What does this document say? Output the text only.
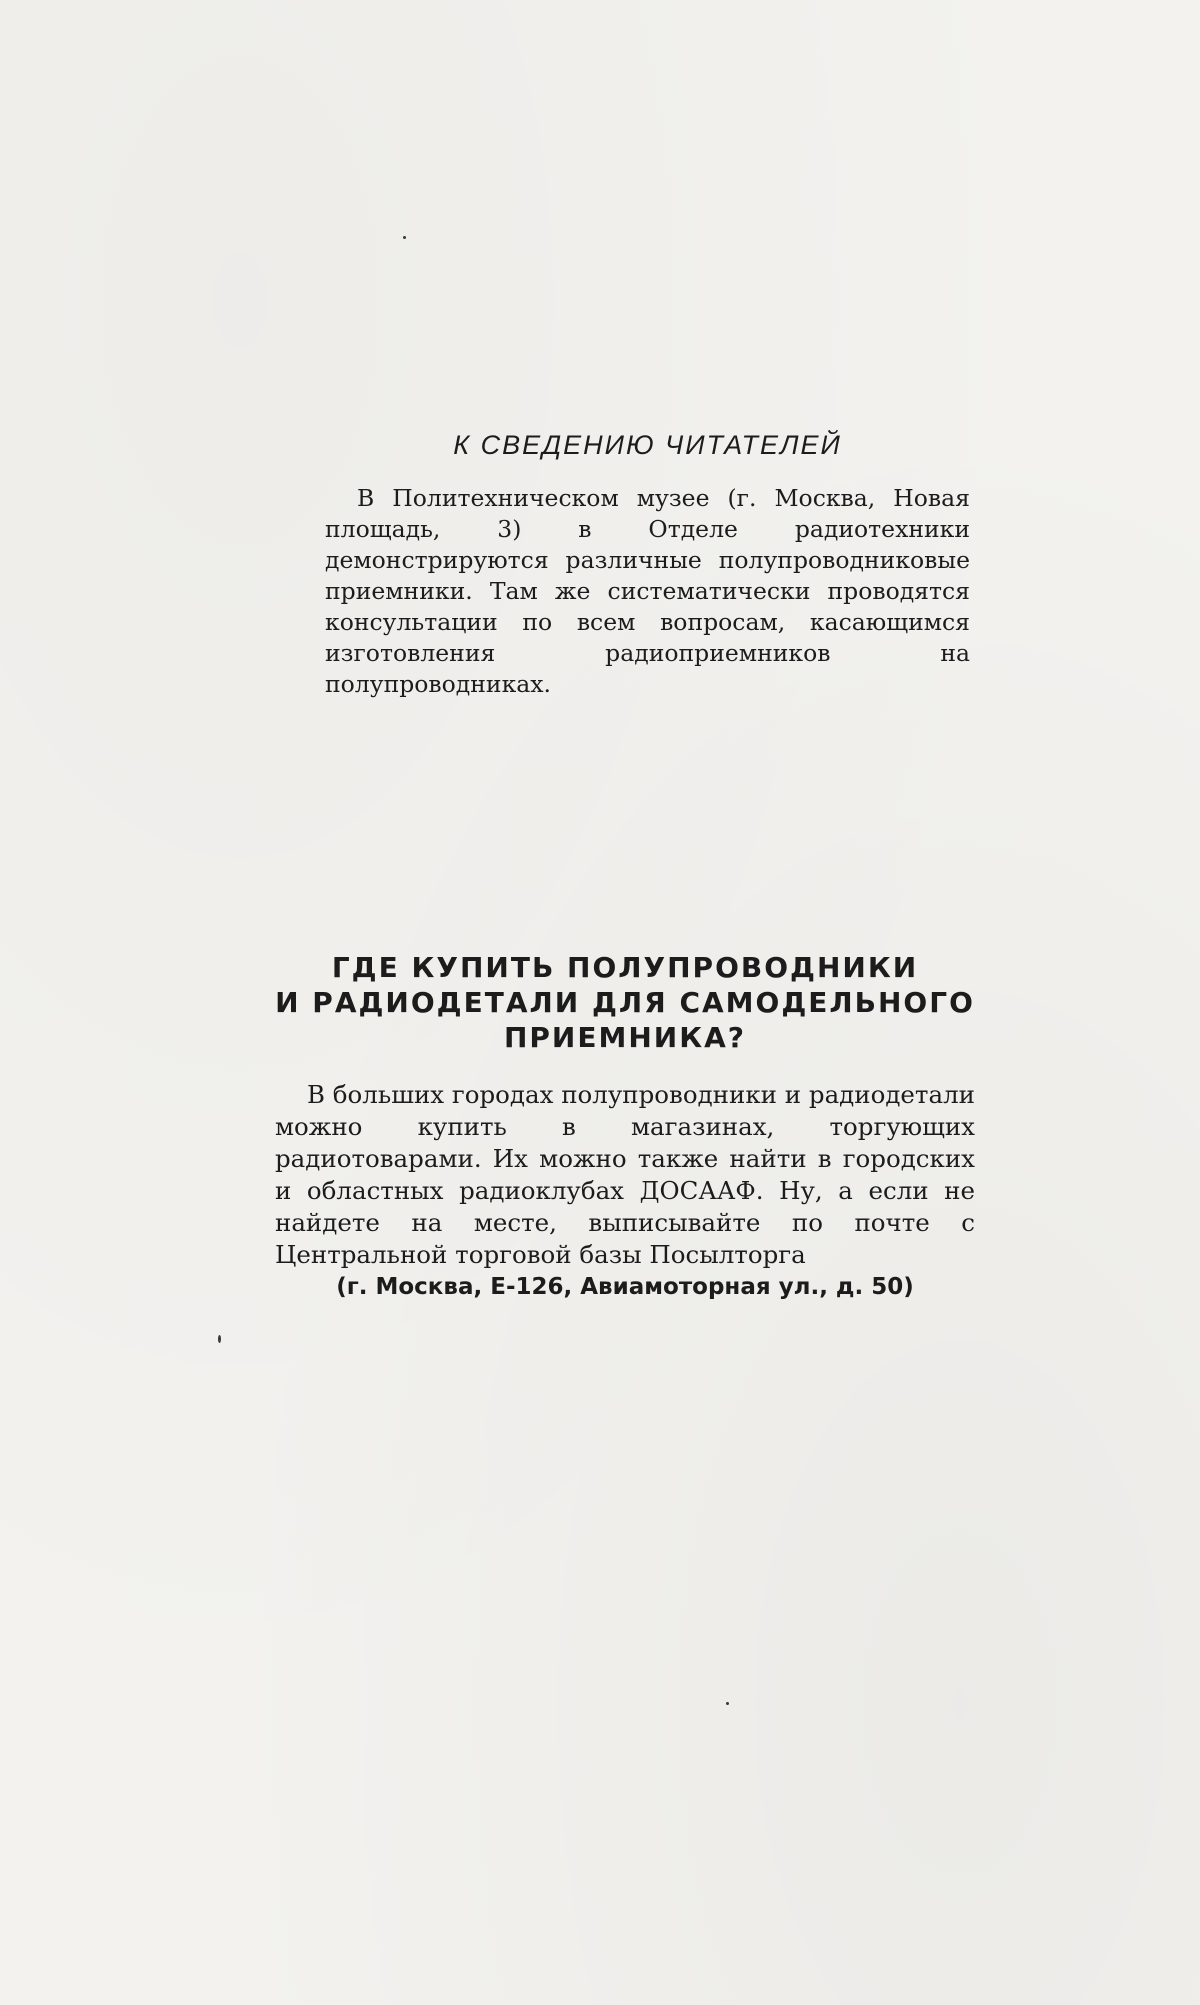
К СВЕДЕНИЮ ЧИТАТЕЛЕЙ

В Политехническом музее (г. Москва, Новая площадь, 3) в Отделе радиотехники демонстрируются различные полупроводниковые приемники. Там же систематически проводятся консультации по всем вопросам, касающимся изготовления радиоприемников на полупроводниках.

ГДЕ КУПИТЬ ПОЛУПРОВОДНИКИ
И РАДИОДЕТАЛИ ДЛЯ САМОДЕЛЬНОГО
ПРИЕМНИКА?

В больших городах полупроводники и радиодетали можно купить в магазинах, торгующих радиотоварами. Их можно также найти в городских и областных радиоклубах ДОСААФ. Ну, а если не найдете на месте, выписывайте по почте с Центральной торговой базы Посылторга

(г. Москва, Е-126, Авиамоторная ул., д. 50)
